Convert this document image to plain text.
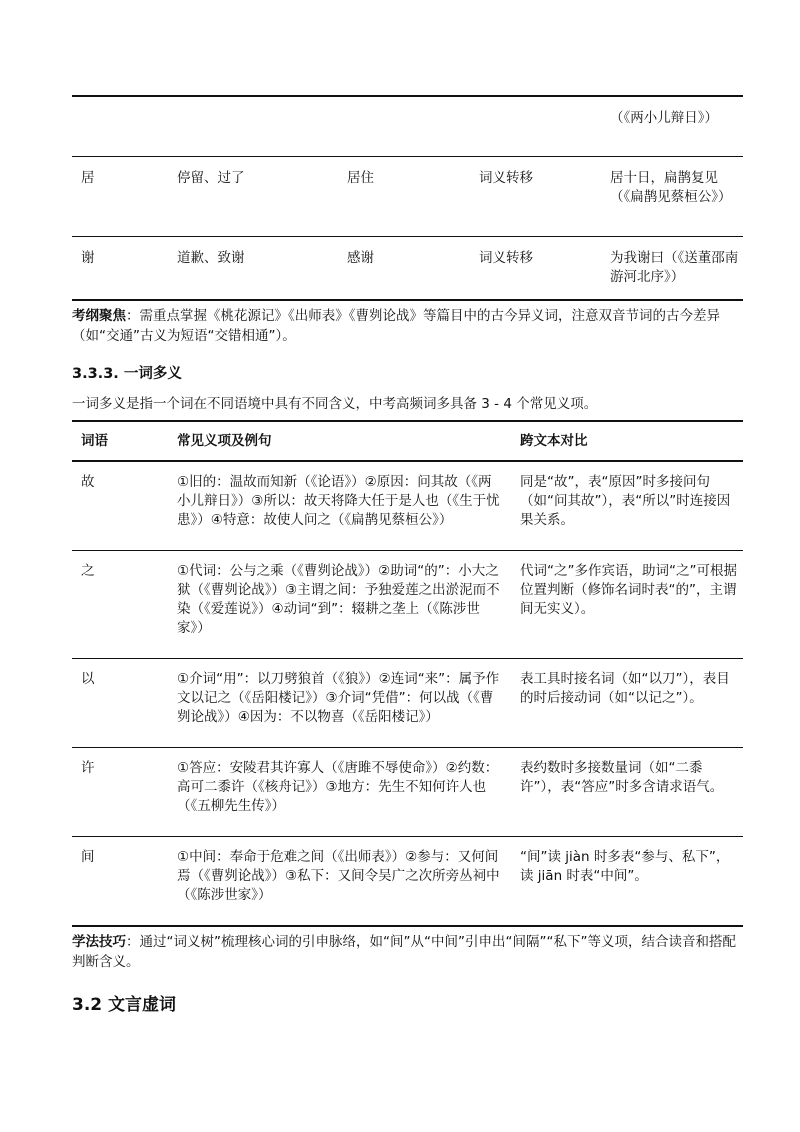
				（《两小儿辩日》）
居	停留、过了	居住	词义转移	居十日，扁鹊复见（《扁鹊见蔡桓公》）
谢	道歉、致谢	感谢	词义转移	为我谢曰（《送董邵南游河北序》）
考纲聚焦：需重点掌握《桃花源记》《出师表》《曹刿论战》等篇目中的古今异义词，注意双音节词的古今差异（如“交通”古义为短语“交错相通”）。
3.3.3. 一词多义
一词多义是指一个词在不同语境中具有不同含义，中考高频词多具备 3 - 4 个常见义项。
词语	常见义项及例句	跨文本对比
故	①旧的：温故而知新（《论语》）②原因：问其故（《两小儿辩日》）③所以：故天将降大任于是人也（《生于忧患》）④特意：故使人问之（《扁鹊见蔡桓公》）	同是“故”，表“原因”时多接问句（如“问其故”），表“所以”时连接因果关系。
之	①代词：公与之乘（《曹刿论战》）②助词“的”：小大之狱（《曹刿论战》）③主谓之间：予独爱莲之出淤泥而不染（《爱莲说》）④动词“到”：辍耕之垄上（《陈涉世家》）	代词“之”多作宾语，助词“之”可根据位置判断（修饰名词时表“的”，主谓间无实义）。
以	①介词“用”：以刀劈狼首（《狼》）②连词“来”：属予作文以记之（《岳阳楼记》）③介词“凭借”：何以战（《曹刿论战》）④因为：不以物喜（《岳阳楼记》）	表工具时接名词（如“以刀”），表目的时后接动词（如“以记之”）。
许	①答应：安陵君其许寡人（《唐雎不辱使命》）②约数：高可二黍许（《核舟记》）③地方：先生不知何许人也（《五柳先生传》）	表约数时多接数量词（如“二黍许”），表“答应”时多含请求语气。
间	①中间：奉命于危难之间（《出师表》）②参与：又何间焉（《曹刿论战》）③私下：又间令吴广之次所旁丛祠中（《陈涉世家》）	“间”读 jiàn 时多表“参与、私下”，读 jiān 时表“中间”。
学法技巧：通过“词义树”梳理核心词的引申脉络，如“间”从“中间”引申出“间隔”“私下”等义项，结合读音和搭配判断含义。
3.2 文言虚词
